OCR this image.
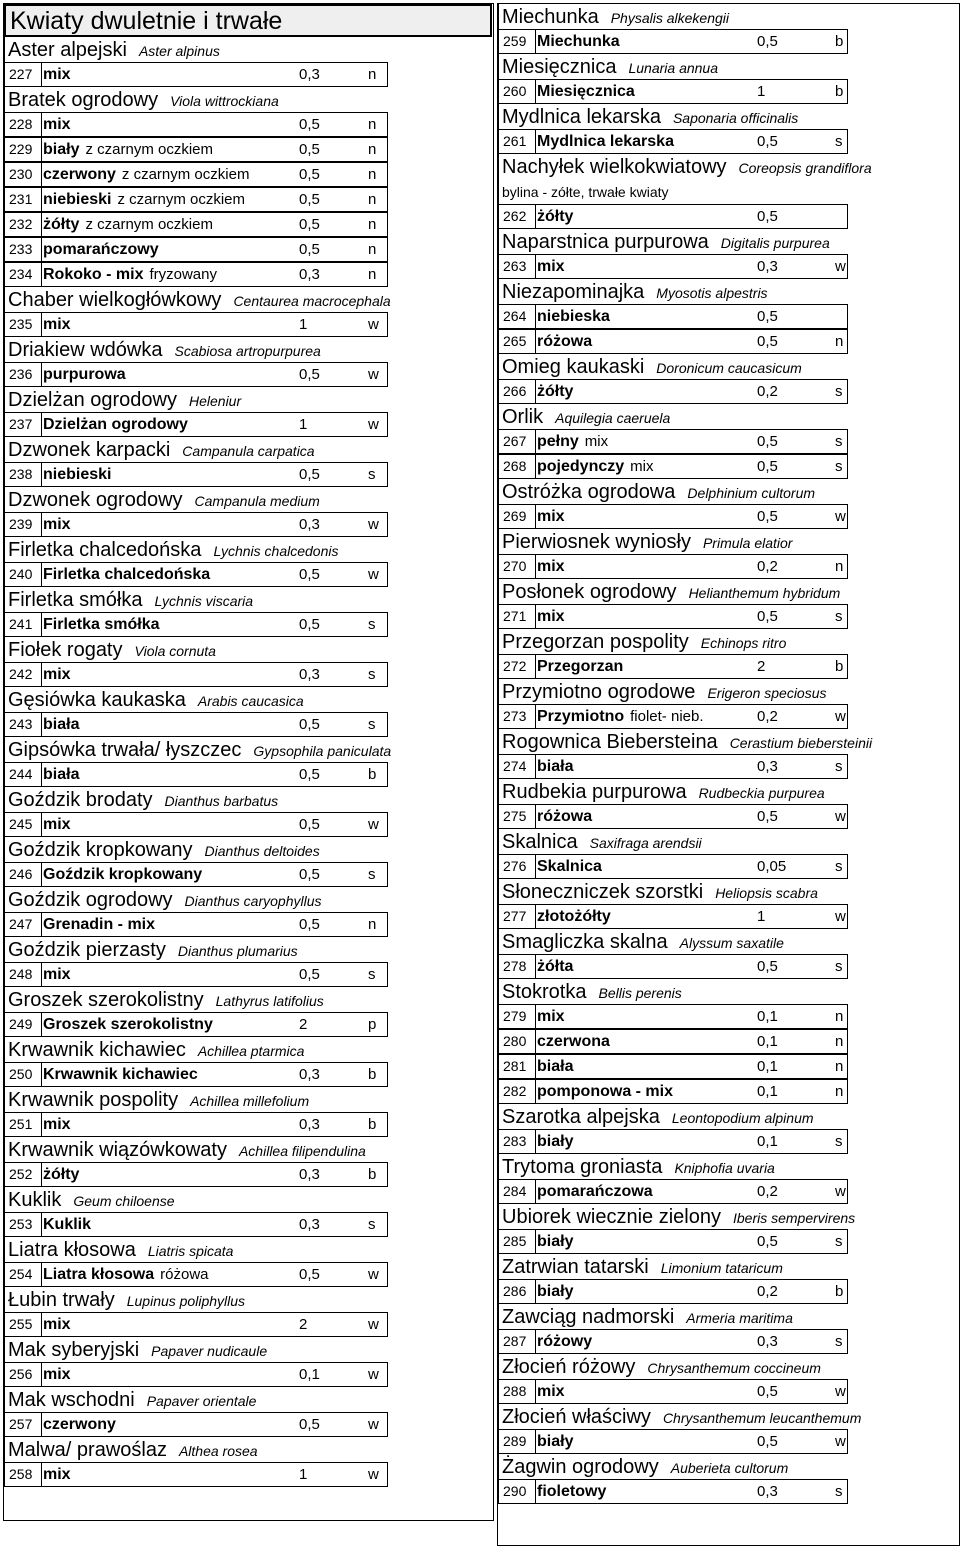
Kwiaty dwuletnie i trwałe
Aster alpejski Aster alpinus
227 mix	0,3	n
Bratek ogrodowy Viola wittrockiana
228 mix	0,5	n
229 biały z czarnym oczkiem	0,5	n
230 czerwony z czarnym oczkiem	0,5	n
231 niebieski z czarnym oczkiem	0,5	n
232 żółty z czarnym oczkiem	0,5	n
233 pomarańczowy	0,5	n
234 Rokoko - mix fryzowany	0,3	n
Chaber wielkogłówkowy Centaurea macrocephala
235 mix	1	w
Driakiew wdówka Scabiosa artropurpurea
236 purpurowa	0,5	w
Dzielżan ogrodowy Heleniur
237 Dzielżan ogrodowy	1	w
Dzwonek karpacki Campanula carpatica
238 niebieski	0,5	s
Dzwonek ogrodowy Campanula medium
239 mix	0,3	w
Firletka chalcedońska Lychnis chalcedonis
240 Firletka chalcedońska	0,5	w
Firletka smółka Lychnis viscaria
241 Firletka smółka	0,5	s
Fiołek rogaty Viola cornuta
242 mix	0,3	s
Gęsiówka kaukaska Arabis caucasica
243 biała	0,5	s
Gipsówka trwała/ łyszczec Gypsophila paniculata
244 biała	0,5	b
Goździk brodaty Dianthus barbatus
245 mix	0,5	w
Goździk kropkowany Dianthus deltoides
246 Goździk kropkowany	0,5	s
Goździk ogrodowy Dianthus caryophyllus
247 Grenadin - mix	0,5	n
Goździk pierzasty Dianthus plumarius
248 mix	0,5	s
Groszek szerokolistny Lathyrus latifolius
249 Groszek szerokolistny	2	p
Krwawnik kichawiec Achillea ptarmica
250 Krwawnik kichawiec	0,3	b
Krwawnik pospolity Achillea millefolium
251 mix	0,3	b
Krwawnik wiązówkowaty Achillea filipendulina
252 żółty	0,3	b
Kuklik Geum chiloense
253 Kuklik	0,3	s
Liatra kłosowa Liatris spicata
254 Liatra kłosowa różowa	0,5	w
Łubin trwały Lupinus poliphyllus
255 mix	2	w
Mak syberyjski Papaver nudicaule
256 mix	0,1	w
Mak wschodni Papaver orientale
257 czerwony	0,5	w
Malwa/ prawoślaz Althea rosea
258 mix	1	w
Miechunka Physalis alkekengii
259 Miechunka	0,5	b
Miesięcznica Lunaria annua
260 Miesięcznica	1	b
Mydlnica lekarska Saponaria officinalis
261 Mydlnica lekarska	0,5	s
Nachyłek wielkokwiatowy Coreopsis grandiflora
bylina - zółte, trwałe kwiaty
262 żółty	0,5
Naparstnica purpurowa Digitalis purpurea
263 mix	0,3	w
Niezapominajka Myosotis alpestris
264 niebieska	0,5
265 różowa	0,5	n
Omieg kaukaski Doronicum caucasicum
266 żółty	0,2	s
Orlik Aquilegia caeruela
267 pełny mix	0,5	s
268 pojedynczy mix	0,5	s
Ostróżka ogrodowa Delphinium cultorum
269 mix	0,5	w
Pierwiosnek wyniosły Primula elatior
270 mix	0,2	n
Posłonek ogrodowy Helianthemum hybridum
271 mix	0,5	s
Przegorzan pospolity Echinops ritro
272 Przegorzan	2	b
Przymiotno ogrodowe Erigeron speciosus
273 Przymiotno fiolet- nieb.	0,2	w
Rogownica Biebersteina Cerastium biebersteinii
274 biała	0,3	s
Rudbekia purpurowa Rudbeckia purpurea
275 różowa	0,5	w
Skalnica Saxifraga arendsii
276 Skalnica	0,05	s
Słoneczniczek szorstki Heliopsis scabra
277 złotożółty	1	w
Smagliczka skalna Alyssum saxatile
278 żółta	0,5	s
Stokrotka Bellis perenis
279 mix	0,1	n
280 czerwona	0,1	n
281 biała	0,1	n
282 pomponowa - mix	0,1	n
Szarotka alpejska Leontopodium alpinum
283 biały	0,1	s
Trytoma groniasta Kniphofia uvaria
284 pomarańczowa	0,2	w
Ubiorek wiecznie zielony Iberis sempervirens
285 biały	0,5	s
Zatrwian tatarski Limonium tataricum
286 biały	0,2	b
Zawciąg nadmorski Armeria maritima
287 różowy	0,3	s
Złocień różowy Chrysanthemum coccineum
288 mix	0,5	w
Złocień właściwy Chrysanthemum leucanthemum
289 biały	0,5	w
Żagwin ogrodowy Auberieta cultorum
290 fioletowy	0,3	s
